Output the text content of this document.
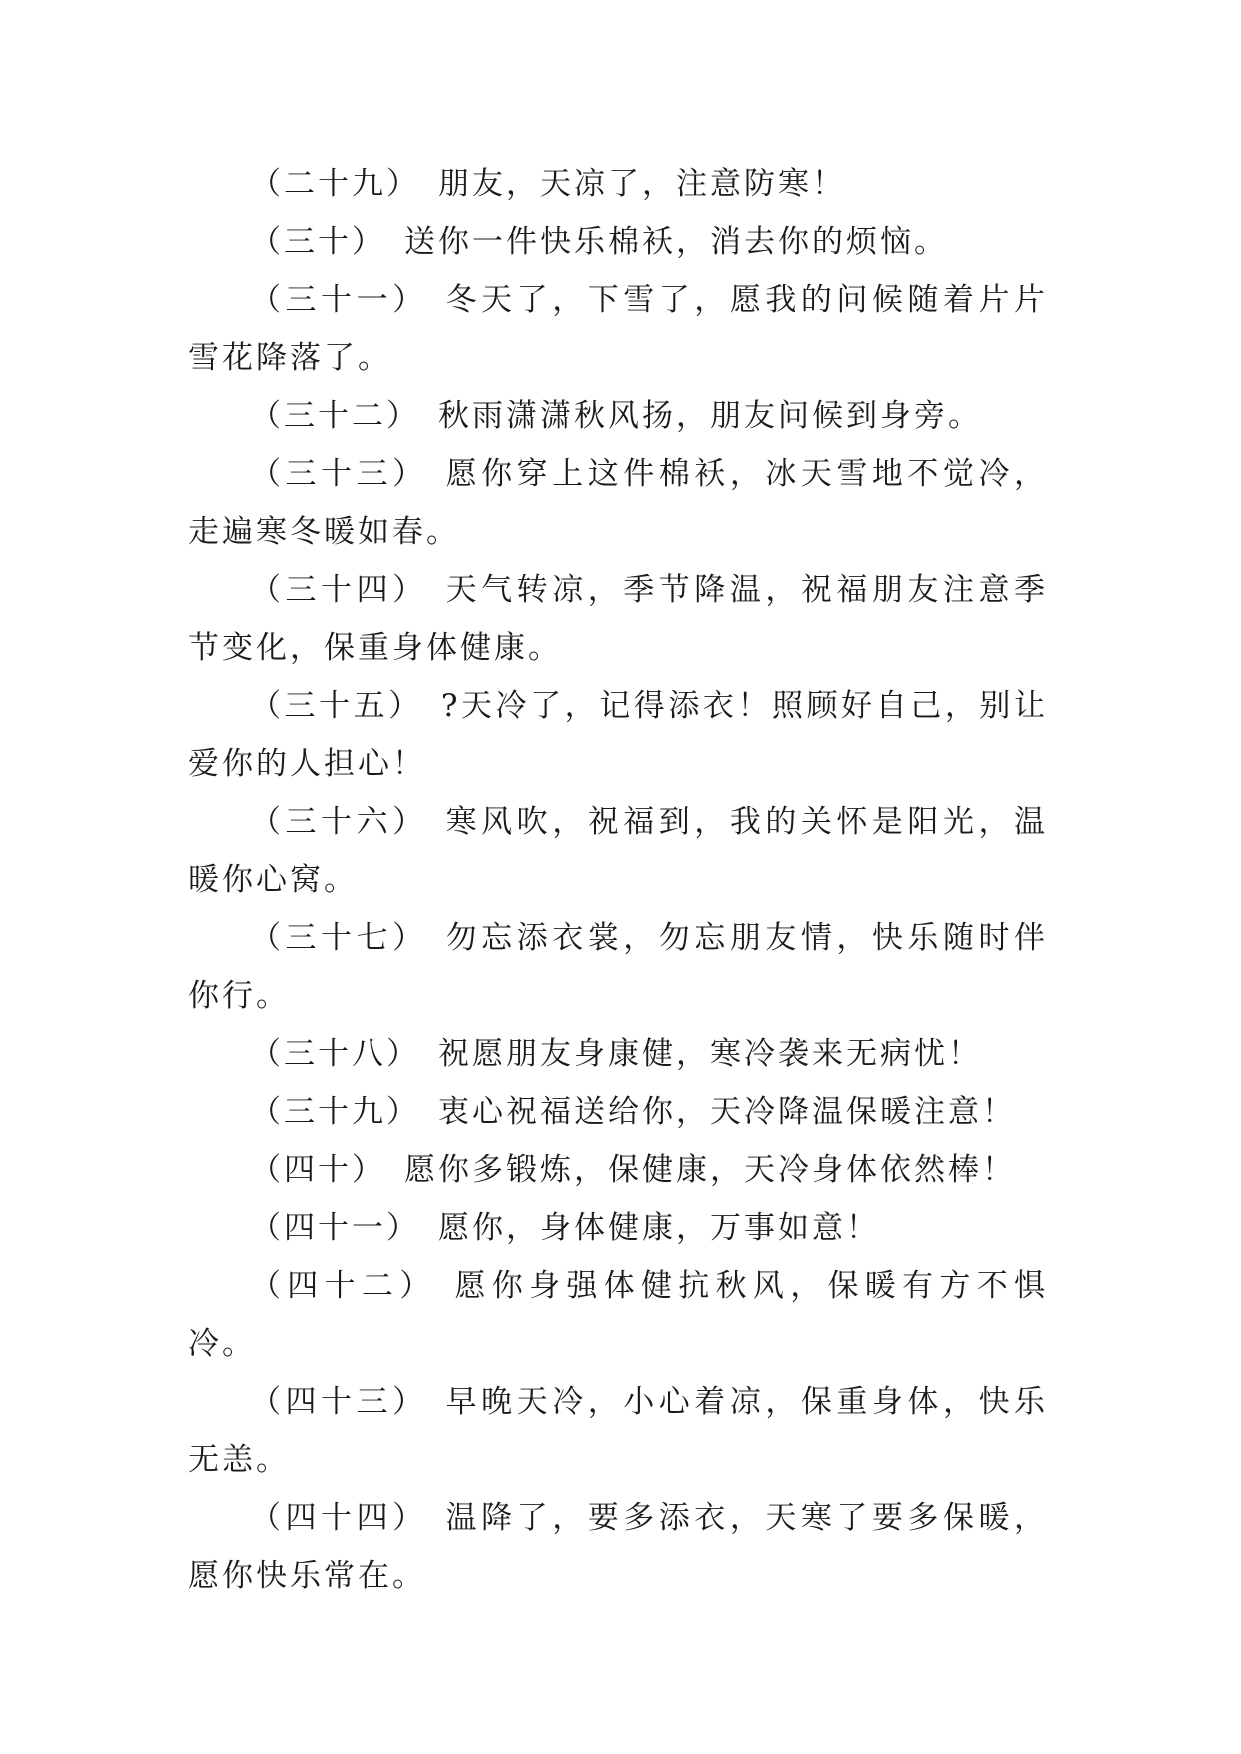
（二十九） 朋友，天凉了，注意防寒！

（三十） 送你一件快乐棉袄，消去你的烦恼。

（三十一） 冬天了，下雪了，愿我的问候随着片片雪花降落了。

（三十二） 秋雨潇潇秋风扬，朋友问候到身旁。

（三十三） 愿你穿上这件棉袄，冰天雪地不觉冷，走遍寒冬暖如春。

（三十四） 天气转凉，季节降温，祝福朋友注意季节变化，保重身体健康。

（三十五） ?天冷了，记得添衣！照顾好自己，别让爱你的人担心！

（三十六） 寒风吹，祝福到，我的关怀是阳光，温暖你心窝。

（三十七） 勿忘添衣裳，勿忘朋友情，快乐随时伴你行。

（三十八） 祝愿朋友身康健，寒冷袭来无病忧！

（三十九） 衷心祝福送给你，天冷降温保暖注意！

（四十） 愿你多锻炼，保健康，天冷身体依然棒！

（四十一） 愿你，身体健康，万事如意！

（四十二） 愿你身强体健抗秋风，保暖有方不惧冷。

（四十三） 早晚天冷，小心着凉，保重身体，快乐无恙。

（四十四） 温降了，要多添衣，天寒了要多保暖，愿你快乐常在。
